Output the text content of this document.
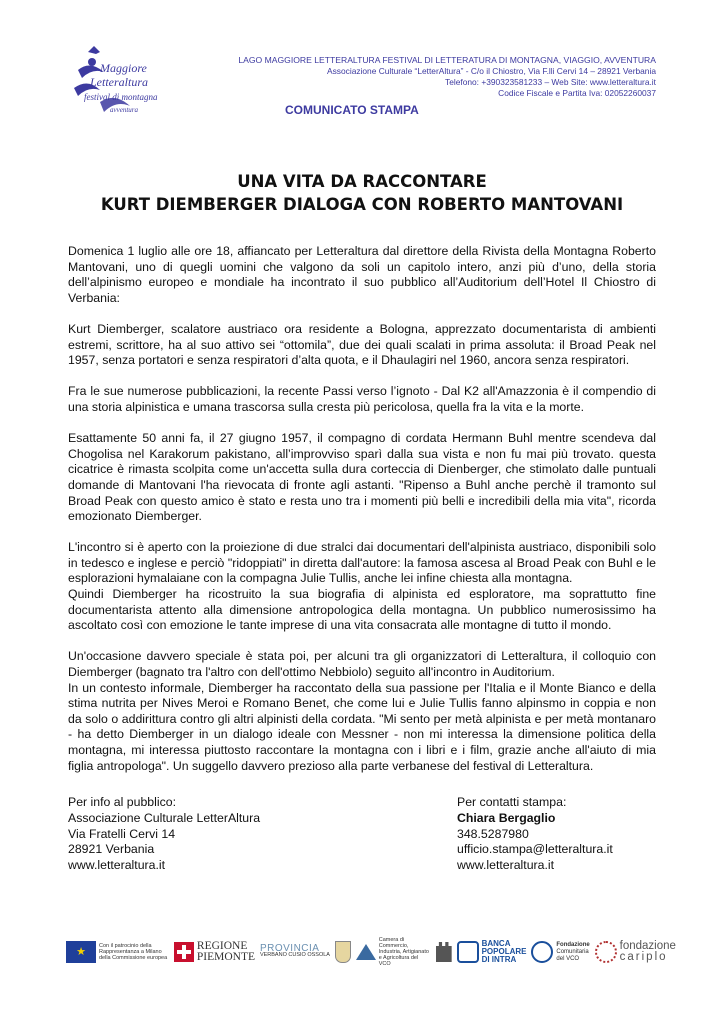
Maggiore
Letteraltura
festival di montagna
avventura
LAGO MAGGIORE LETTERALTURA FESTIVAL DI LETTERATURA DI MONTAGNA, VIAGGIO, AVVENTURA
Associazione Culturale “LetterAltura” - C/o il Chiostro, Via F.lli Cervi 14 – 28921 Verbania
Telefono: +390323581233 – Web Site: www.letteraltura.it
Codice Fiscale e Partita Iva: 02052260037
COMUNICATO STAMPA
UNA VITA DA RACCONTARE
KURT DIEMBERGER DIALOGA CON ROBERTO MANTOVANI

Domenica 1 luglio alle ore 18, affiancato per Letteraltura dal direttore della Rivista della Montagna Roberto Mantovani, uno di quegli uomini che valgono da soli un capitolo intero, anzi più d’uno, della storia dell’alpinismo europeo e mondiale ha incontrato il suo pubblico all’Auditorium dell’Hotel Il Chiostro di Verbania:

Kurt Diemberger, scalatore austriaco ora residente a Bologna, apprezzato documentarista di ambienti estremi, scrittore, ha al suo attivo sei “ottomila”, due dei quali scalati in prima assoluta: il Broad Peak nel 1957, senza portatori e senza respiratori d’alta quota, e il Dhaulagiri nel 1960, ancora senza respiratori.

Fra le sue numerose pubblicazioni, la recente Passi verso l’ignoto - Dal K2 all'Amazzonia è il compendio di una storia alpinistica e umana trascorsa sulla cresta più pericolosa, quella fra la vita e la morte.

Esattamente 50 anni fa, il 27 giugno 1957, il compagno di cordata Hermann Buhl mentre scendeva dal Chogolisa nel Karakorum pakistano, all’improvviso sparì dalla sua vista e non fu mai più trovato. questa cicatrice è rimasta scolpita come un'accetta sulla dura corteccia di Dienberger, che stimolato dalle puntuali domande di Mantovani l'ha rievocata di fronte agli astanti. "Ripenso a Buhl anche perchè il tramonto sul Broad Peak con questo amico è stato e resta uno tra i momenti più belli e incredibili della mia vita", ricorda emozionato Diemberger.

L'incontro si è aperto con la proiezione di due stralci dai documentari dell'alpinista austriaco, disponibili solo in tedesco e inglese e perciò "ridoppiati" in diretta dall'autore: la famosa ascesa al Broad Peak con Buhl e le esplorazioni hymalaiane con la compagna Julie Tullis, anche lei infine chiesta alla montagna.

Quindi Diemberger ha ricostruito la sua biografia di alpinista ed esploratore, ma soprattutto fine documentarista attento alla dimensione antropologica della montagna. Un pubblico numerosissimo ha ascoltato così con emozione le tante imprese di una vita consacrata alle montagne di tutto il mondo.

Un'occasione davvero speciale è stata poi, per alcuni tra gli organizzatori di Letteraltura, il colloquio con Diemberger (bagnato tra l'altro con dell'ottimo Nebbiolo) seguito all'incontro in Auditorium.

In un contesto informale, Diemberger ha raccontato della sua passione per l'Italia e il Monte Bianco e della stima nutrita per Nives Meroi e Romano Benet, che come lui e Julie Tullis fanno alpinsmo in coppia e non da solo o addirittura contro gli altri alpinisti della cordata. "Mi sento per metà alpinista e per metà montanaro - ha detto Diemberger in un dialogo ideale con Messner - non mi interessa la dimensione politica della montagna, mi interessa piuttosto raccontare la montagna con i libri e i film, grazie anche all'aiuto di mia figlia antropologa". Un suggello davvero prezioso alla parte verbanese del festival di Letteraltura.

Per info al pubblico:
Associazione Culturale LetterAltura
Via Fratelli Cervi 14
28921 Verbania
www.letteraltura.it
Per contatti stampa:
Chiara Bergaglio
348.5287980
ufficio.stampa@letteraltura.it
www.letteraltura.it
★	Con il patrocinio della Rappresentanza a Milano della Commissione europea
REGIONE
PIEMONTE
PROVINCIA
VERBANO CUSIO OSSOLA
Camera di Commercio, Industria, Artigianato e Agricoltura del VCO
BANCA
POPOLARE
DI INTRA
Fondazione
Comunitaria
del VCO
fondazione
cariplo
